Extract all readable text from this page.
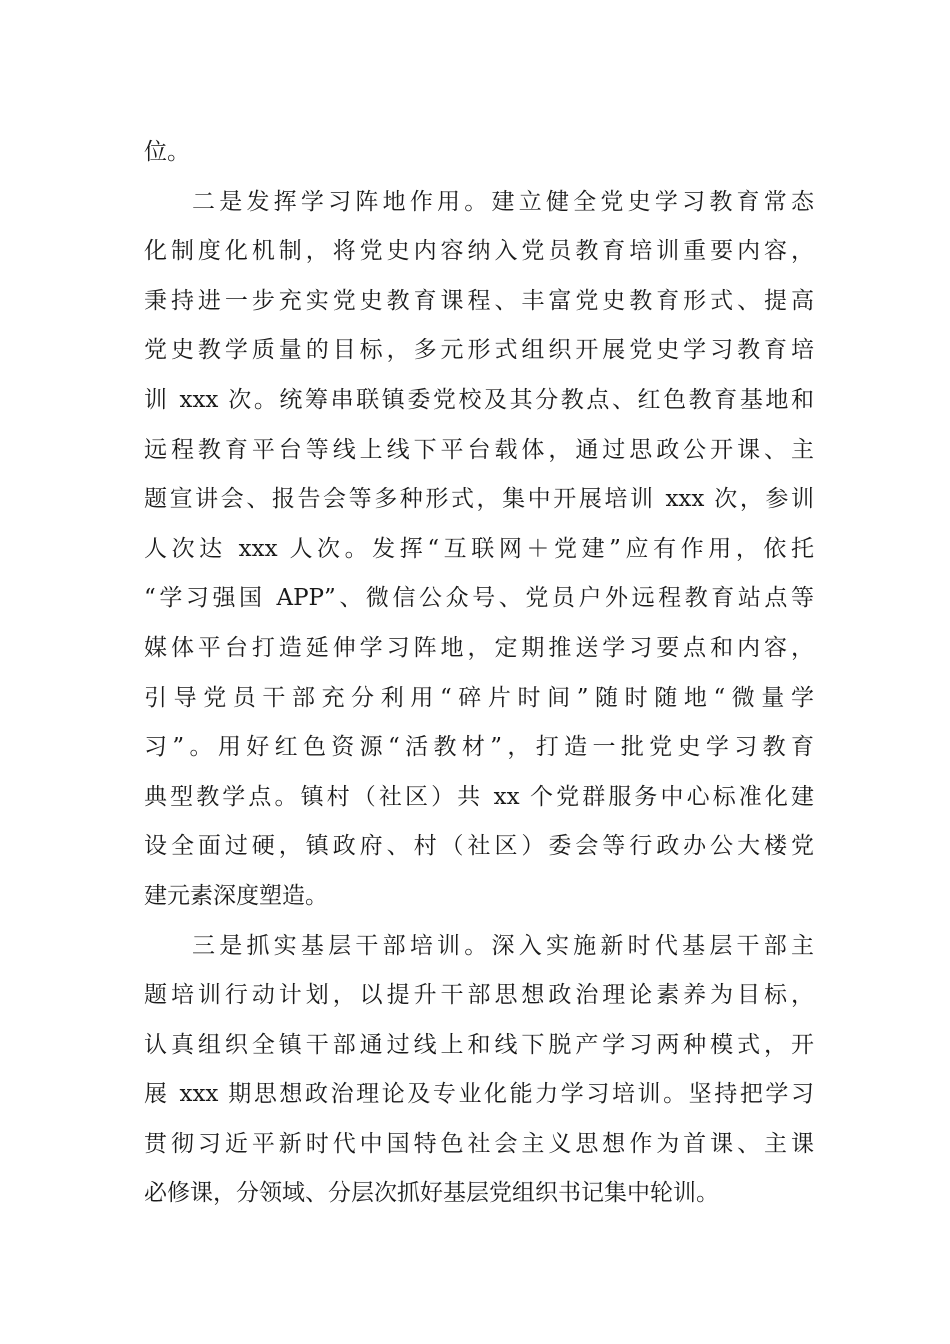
位。
二是发挥学习阵地作用。建立健全党史学习教育常态
化制度化机制，将党史内容纳入党员教育培训重要内容，
秉持进一步充实党史教育课程、丰富党史教育形式、提高
党史教学质量的目标，多元形式组织开展党史学习教育培
训 xxx 次。统筹串联镇委党校及其分教点、红色教育基地和
远程教育平台等线上线下平台载体，通过思政公开课、主
题宣讲会、报告会等多种形式，集中开展培训 xxx 次，参训
人次达 xxx 人次。发挥“互联网＋党建”应有作用，依托
“学习强国 APP”、微信公众号、党员户外远程教育站点等
媒体平台打造延伸学习阵地，定期推送学习要点和内容，
引导党员干部充分利用“碎片时间”随时随地“微量学
习”。用好红色资源“活教材”，打造一批党史学习教育
典型教学点。镇村（社区）共 xx 个党群服务中心标准化建
设全面过硬，镇政府、村（社区）委会等行政办公大楼党
建元素深度塑造。
三是抓实基层干部培训。深入实施新时代基层干部主
题培训行动计划，以提升干部思想政治理论素养为目标，
认真组织全镇干部通过线上和线下脱产学习两种模式，开
展 xxx 期思想政治理论及专业化能力学习培训。坚持把学习
贯彻习近平新时代中国特色社会主义思想作为首课、主课
必修课，分领域、分层次抓好基层党组织书记集中轮训。
